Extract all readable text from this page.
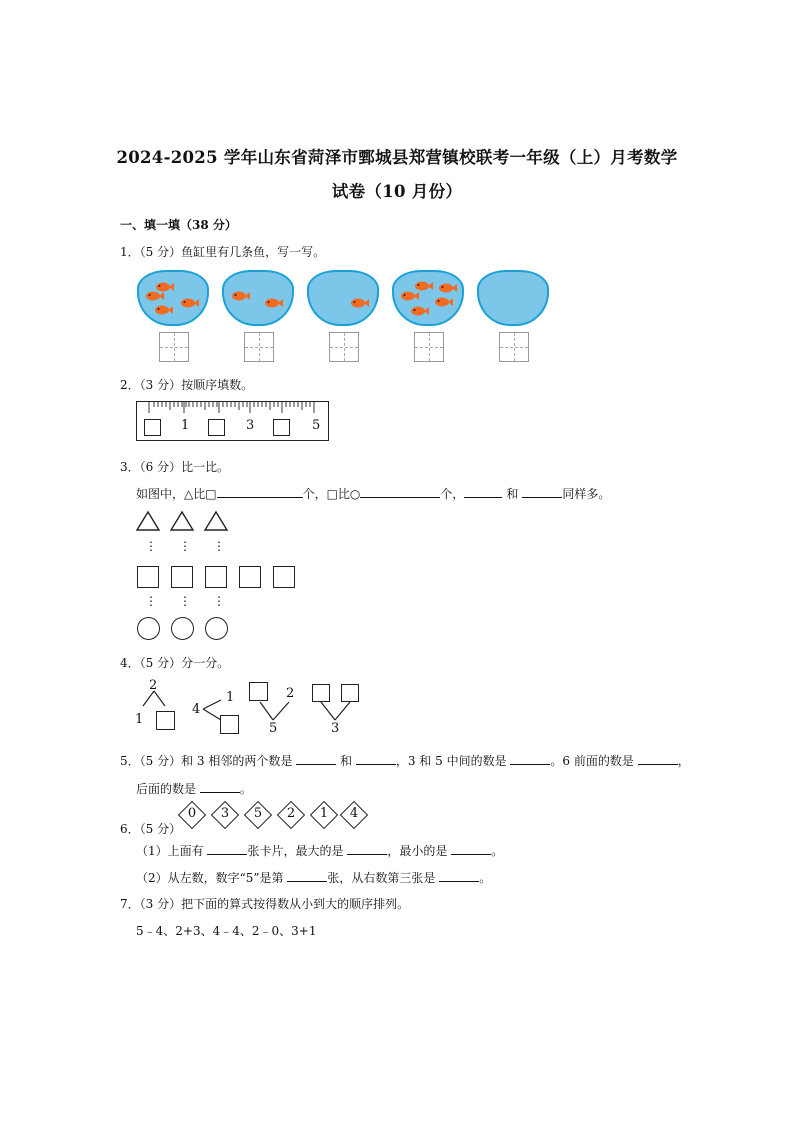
2024-2025 学年山东省菏泽市鄄城县郑营镇校联考一年级（上）月考数学
试卷（10 月份）
一、填一填（38 分）
1．（5 分）鱼缸里有几条鱼，写一写。
2．（3 分）按顺序填数。
1	3	5
3．（6 分）比一比。
如图中，△比□	个，□比○	个，	和	同样多。
⋮ ⋮ ⋮
⋮ ⋮ ⋮
4．（5 分）分一分。
2
1
4
1	2
5	3
5．（5 分）和 3 相邻的两个数是	和	，3 和 5 中间的数是	。6 前面的数是	，
后面的数是	。
6．（5 分）
0	3	5	2	1	4
（1）上面有	张卡片，最大的是	，最小的是	。
（2）从左数，数字“5”是第	张，从右数第三张是	。
7．（3 分）把下面的算式按得数从小到大的顺序排列。
5﹣4、2+3、4﹣4、2﹣0、3+1
